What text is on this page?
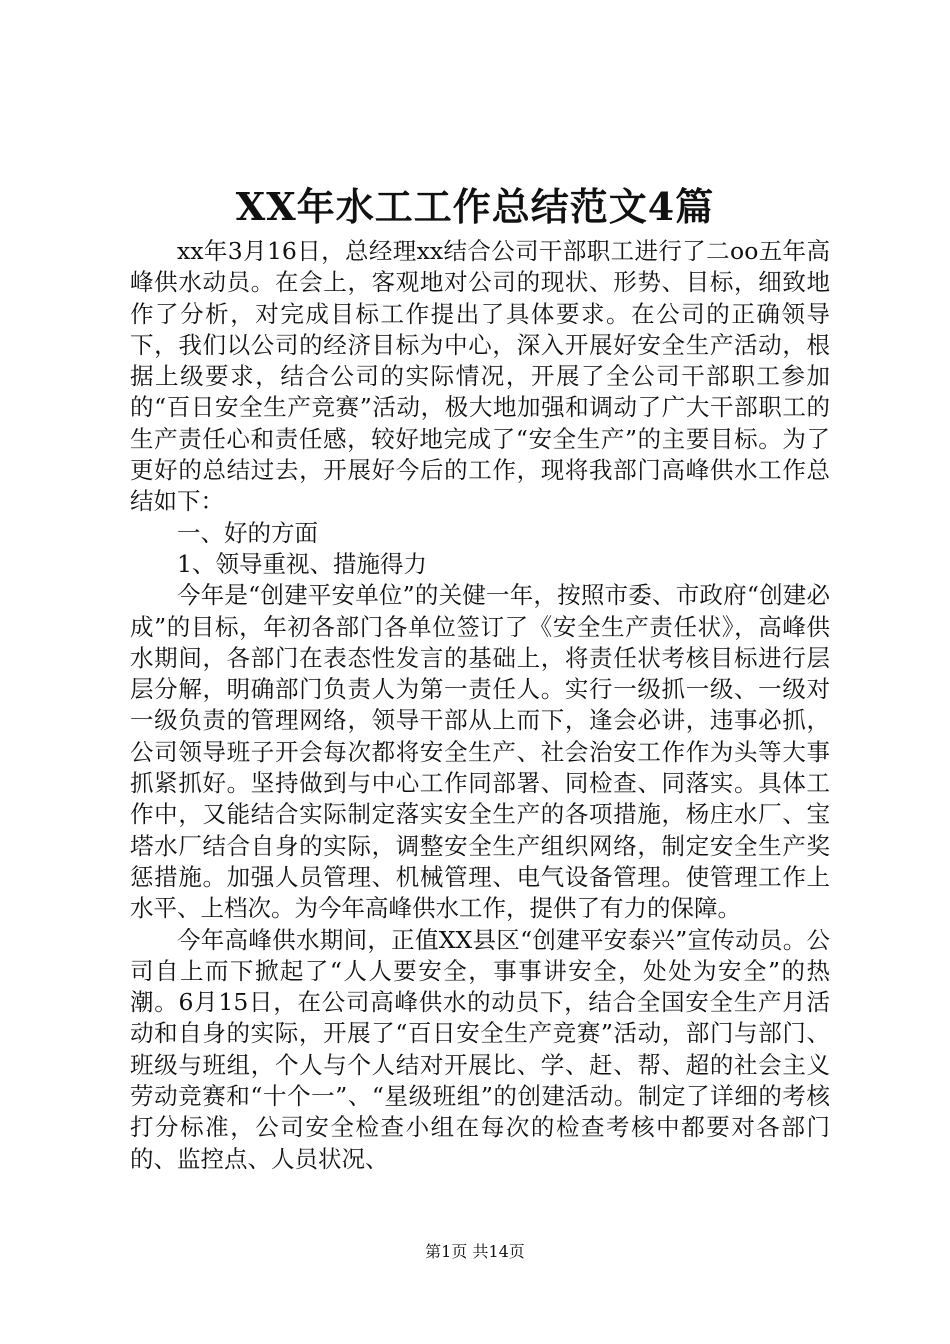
XX年水工工作总结范文4篇

xx年3月16日，总经理xx结合公司干部职工进行了二oo五年高峰供水动员。在会上，客观地对公司的现状、形势、目标，细致地作了分析，对完成目标工作提出了具体要求。在公司的正确领导下，我们以公司的经济目标为中心，深入开展好安全生产活动，根据上级要求，结合公司的实际情况，开展了全公司干部职工参加的“百日安全生产竞赛”活动，极大地加强和调动了广大干部职工的生产责任心和责任感，较好地完成了“安全生产”的主要目标。为了更好的总结过去，开展好今后的工作，现将我部门高峰供水工作总结如下：

一、好的方面

1、领导重视、措施得力

今年是“创建平安单位”的关健一年，按照市委、市政府“创建必成”的目标，年初各部门各单位签订了《安全生产责任状》，高峰供水期间，各部门在表态性发言的基础上，将责任状考核目标进行层层分解，明确部门负责人为第一责任人。实行一级抓一级、一级对一级负责的管理网络，领导干部从上而下，逢会必讲，违事必抓，公司领导班子开会每次都将安全生产、社会治安工作作为头等大事抓紧抓好。坚持做到与中心工作同部署、同检查、同落实。具体工作中，又能结合实际制定落实安全生产的各项措施，杨庄水厂、宝塔水厂结合自身的实际，调整安全生产组织网络，制定安全生产奖惩措施。加强人员管理、机械管理、电气设备管理。使管理工作上水平、上档次。为今年高峰供水工作，提供了有力的保障。

今年高峰供水期间，正值XX县区“创建平安泰兴”宣传动员。公司自上而下掀起了“人人要安全，事事讲安全，处处为安全”的热潮。6月15日，在公司高峰供水的动员下，结合全国安全生产月活动和自身的实际，开展了“百日安全生产竞赛”活动，部门与部门、班级与班组，个人与个人结对开展比、学、赶、帮、超的社会主义劳动竞赛和“十个一”、“星级班组”的创建活动。制定了详细的考核打分标准，公司安全检查小组在每次的检查考核中都要对各部门的、监控点、人员状况、

第1页 共14页
